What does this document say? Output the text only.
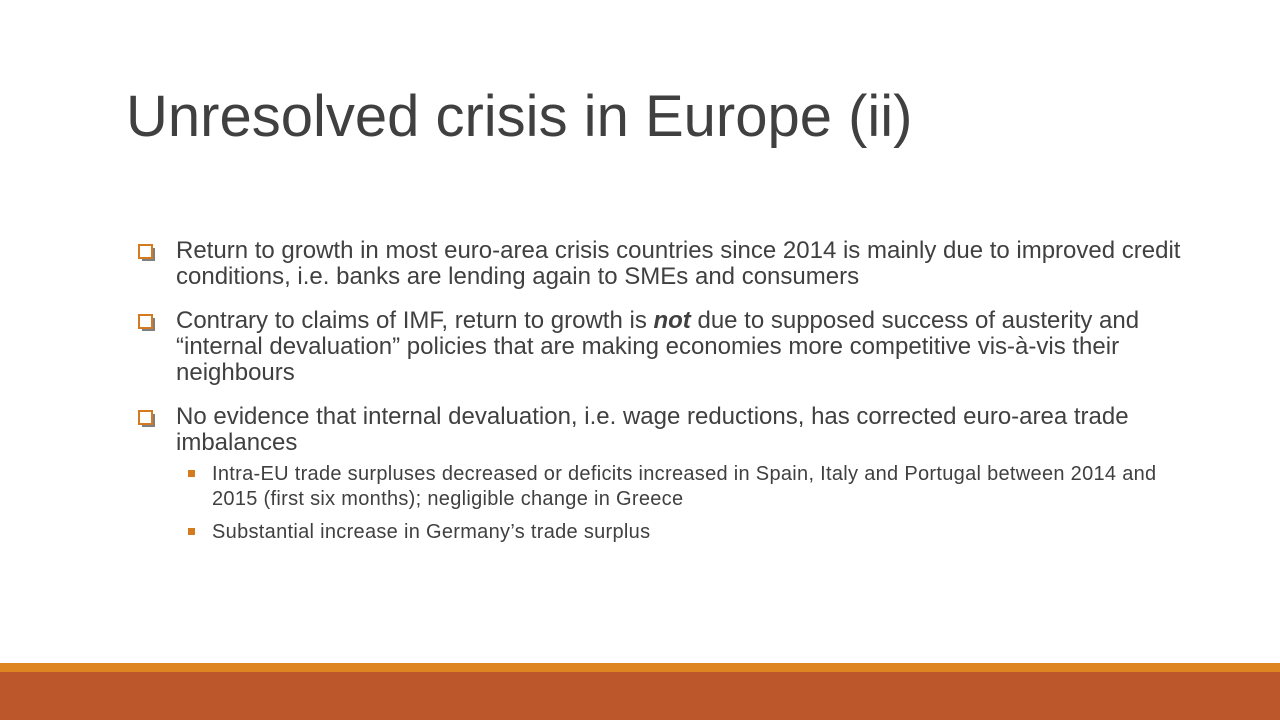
Unresolved crisis in Europe (ii)
Return to growth in most euro-area crisis countries since 2014 is mainly due to improved credit conditions, i.e. banks are lending again to SMEs and consumers
Contrary to claims of IMF, return to growth is not due to supposed success of austerity and “internal devaluation” policies that are making economies more competitive vis-à-vis their neighbours
No evidence that internal devaluation, i.e. wage reductions, has corrected euro-area trade imbalances
Intra-EU trade surpluses decreased or deficits increased in Spain, Italy and Portugal between 2014 and 2015 (first six months); negligible change in Greece
Substantial increase in Germany’s trade surplus
